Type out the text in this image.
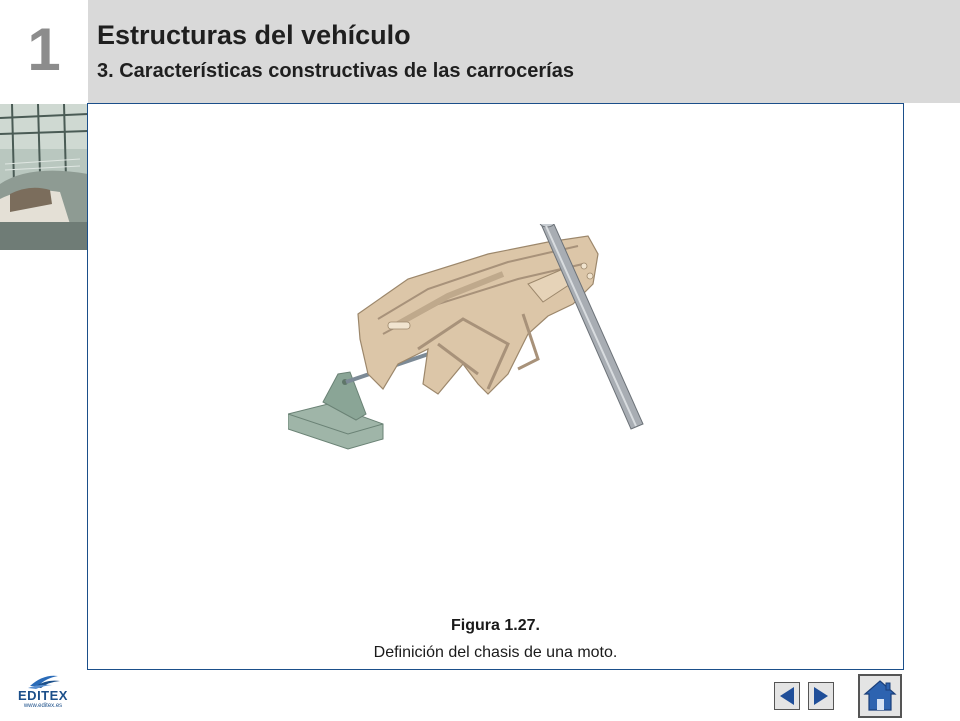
1	Estructuras del vehículo
3. Características constructivas de las carrocerías
Figura 1.27.
Definición del chasis de una moto.
EDITEX
www.editex.es
